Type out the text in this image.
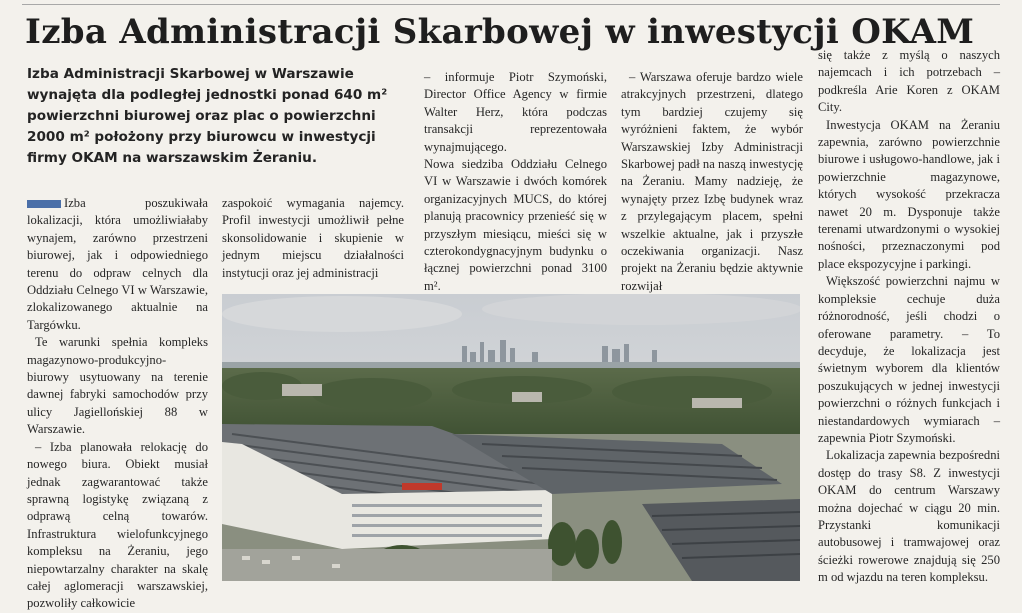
Izba Administracji Skarbowej w inwestycji OKAM
Izba Administracji Skarbowej w Warszawie wynajęta dla podległej jednostki ponad 640 m² powierzchni biurowej oraz plac o powierzchni 2000 m² położony przy biurowcu w inwestycji firmy OKAM na warszawskim Żeraniu.

Izba poszukiwała lokalizacji, która umożliwiałaby wynajem, zarówno przestrzeni biurowej, jak i odpowiedniego terenu do odpraw celnych dla Oddziału Celnego VI w Warszawie, zlokalizowanego aktualnie na Targówku.

Te warunki spełnia kompleks magazynowo-produkcyjno-biurowy usytuowany na terenie dawnej fabryki samochodów przy ulicy Jagiellońskiej 88 w Warszawie.

– Izba planowała relokację do nowego biura. Obiekt musiał jednak zagwarantować także sprawną logistykę związaną z odprawą celną towarów. Infrastruktura wielofunkcyjnego kompleksu na Żeraniu, jego niepowtarzalny charakter na skalę całej aglomeracji warszawskiej, pozwoliły całkowicie

zaspokoić wymagania najemcy. Profil inwestycji umożliwił pełne skonsolidowanie i skupienie w jednym miejscu działalności instytucji oraz jej administracji

– informuje Piotr Szymoński, Director Office Agency w firmie Walter Herz, która podczas transakcji reprezentowała wynajmującego.

Nowa siedziba Oddziału Celnego VI w Warszawie i dwóch komórek organizacyjnych MUCS, do której planują pracownicy przenieść się w przyszłym miesiącu, mieści się w czterokondygnacyjnym budynku o łącznej powierzchni ponad 3100 m².

– Warszawa oferuje bardzo wiele atrakcyjnych przestrzeni, dlatego tym bardziej czujemy się wyróżnieni faktem, że wybór Warszawskiej Izby Administracji Skarbowej padł na naszą inwestycję na Żeraniu. Mamy nadzieję, że wynajęty przez Izbę budynek wraz z przylegającym placem, spełni wszelkie aktualne, jak i przyszłe oczekiwania organizacji. Nasz projekt na Żeraniu będzie aktywnie rozwijał

się także z myślą o naszych najemcach i ich potrzebach – podkreśla Arie Koren z OKAM City.

Inwestycja OKAM na Żeraniu zapewnia, zarówno powierzchnie biurowe i usługowo-handlowe, jak i powierzchnie magazynowe, których wysokość przekracza nawet 20 m. Dysponuje także terenami utwardzonymi o wysokiej nośności, przeznaczonymi pod place ekspozycyjne i parkingi.

Większość powierzchni najmu w kompleksie cechuje duża różnorodność, jeśli chodzi o oferowane parametry. – To decyduje, że lokalizacja jest świetnym wyborem dla klientów poszukujących w jednej inwestycji powierzchni o różnych funkcjach i niestandardowych wymiarach – zapewnia Piotr Szymoński.

Lokalizacja zapewnia bezpośredni dostęp do trasy S8. Z inwestycji OKAM do centrum Warszawy można dojechać w ciągu 20 min. Przystanki komunikacji autobusowej i tramwajowej oraz ścieżki rowerowe znajdują się 250 m od wjazdu na teren kompleksu.
